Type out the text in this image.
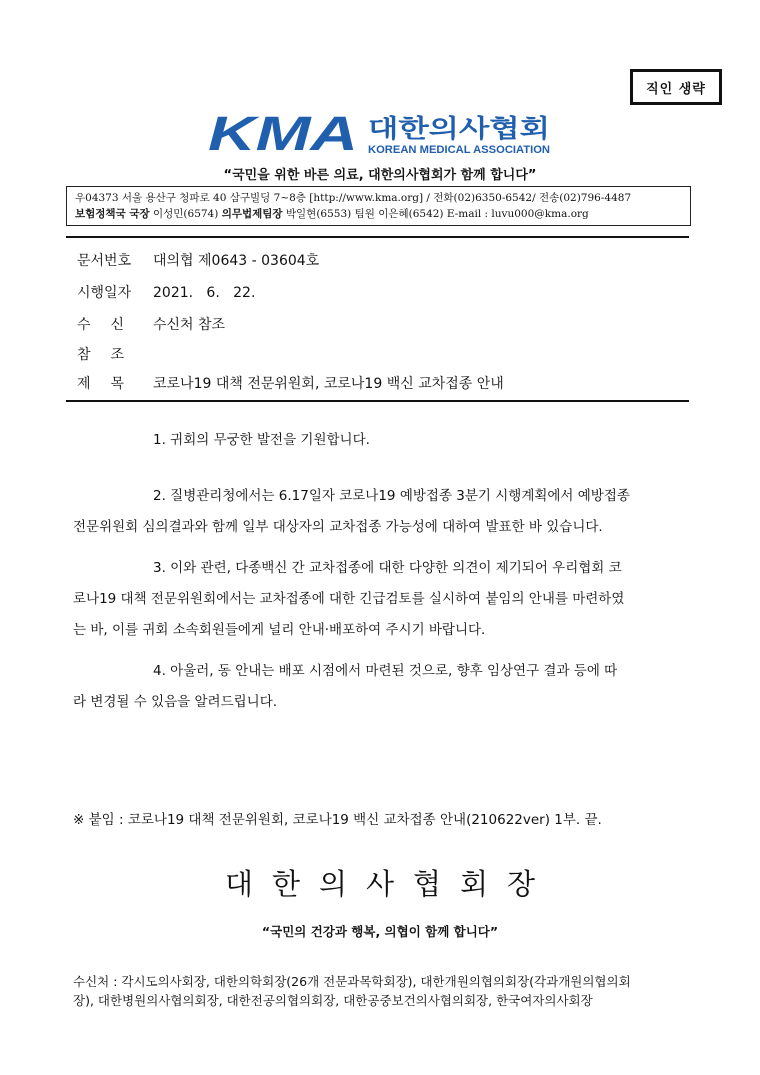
직인 생략
KMA 대한의사협회
KOREAN MEDICAL ASSOCIATION
“국민을 위한 바른 의료, 대한의사협회가 함께 합니다”
우04373 서울 용산구 청파로 40 삼구빌딩 7~8층 [http://www.kma.org] / 전화(02)6350-6542/ 전송(02)796-4487
보험정책국 국장 이성민(6574) 의무법제팀장 박일현(6553) 팀원 이은혜(6542) E-mail : luvu000@kma.org
문서번호 대의협 제0643 - 03604호
시행일자 2021.   6.   22.
수신 수신처 참조
참조
제목 코로나19 대책 전문위원회, 코로나19 백신 교차접종 안내
1. 귀회의 무궁한 발전을 기원합니다.
2. 질병관리청에서는 6.17일자 코로나19 예방접종 3분기 시행계획에서 예방접종
전문위원회 심의결과와 함께 일부 대상자의 교차접종 가능성에 대하여 발표한 바 있습니다.
3. 이와 관련, 다종백신 간 교차접종에 대한 다양한 의견이 제기되어 우리협회 코
로나19 대책 전문위원회에서는 교차접종에 대한 긴급검토를 실시하여 붙임의 안내를 마련하였
는 바, 이를 귀회 소속회원들에게 널리 안내·배포하여 주시기 바랍니다.
4. 아울러, 동 안내는 배포 시점에서 마련된 것으로, 향후 임상연구 결과 등에 따
라 변경될 수 있음을 알려드립니다.
※ 붙임 : 코로나19 대책 전문위원회, 코로나19 백신 교차접종 안내(210622ver) 1부. 끝.
대한의사협회장
“국민의 건강과 행복, 의협이 함께 합니다”
수신처 : 각시도의사회장, 대한의학회장(26개 전문과목학회장), 대한개원의협의회장(각과개원의협의회
장), 대한병원의사협의회장, 대한전공의협의회장, 대한공중보건의사협의회장, 한국여자의사회장
